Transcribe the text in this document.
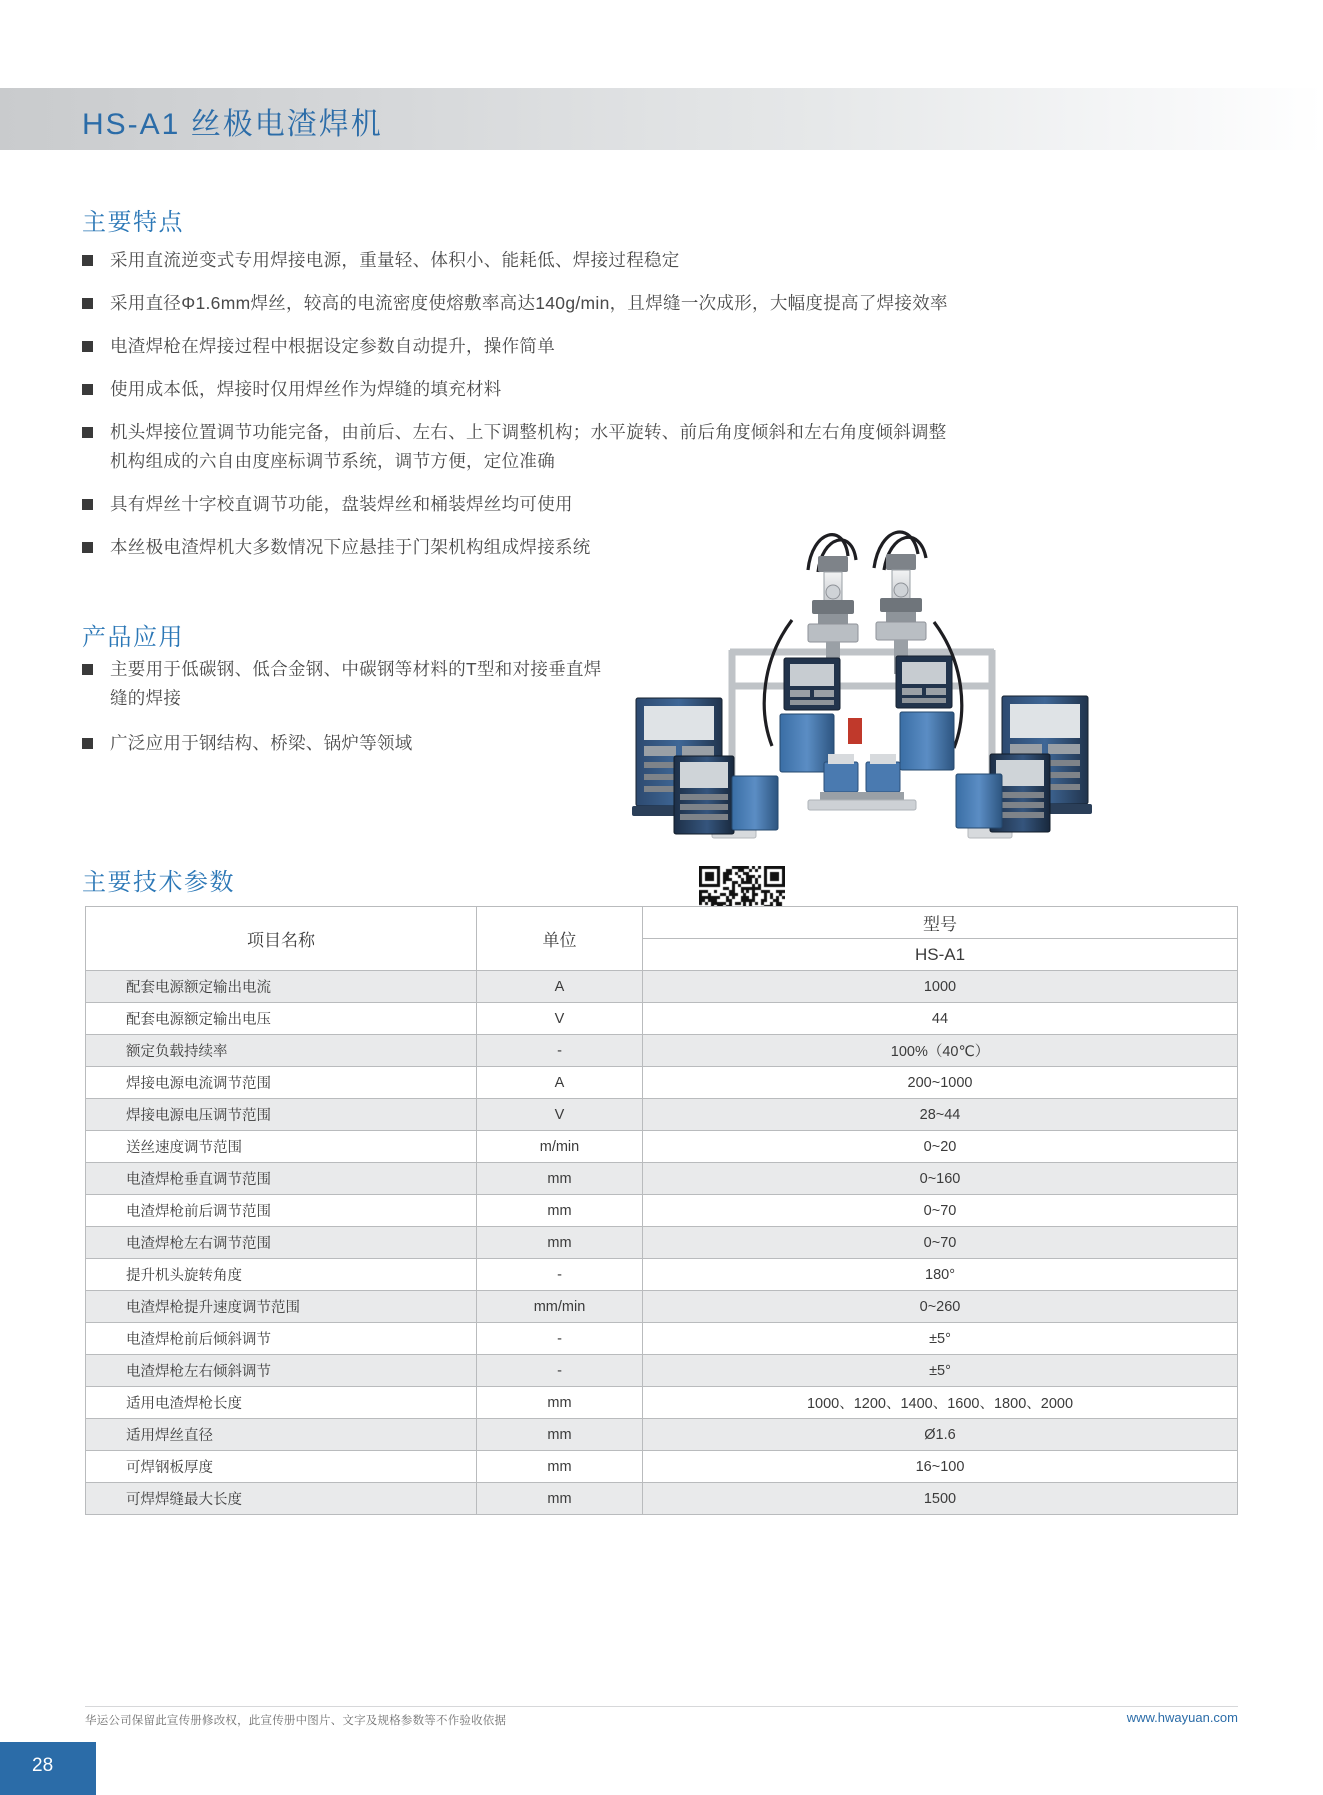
HS-A1 丝极电渣焊机
主要特点
采用直流逆变式专用焊接电源，重量轻、体积小、能耗低、焊接过程稳定
采用直径Φ1.6mm焊丝，较高的电流密度使熔敷率高达140g/min，且焊缝一次成形，大幅度提高了焊接效率
电渣焊枪在焊接过程中根据设定参数自动提升，操作简单
使用成本低，焊接时仅用焊丝作为焊缝的填充材料
机头焊接位置调节功能完备，由前后、左右、上下调整机构；水平旋转、前后角度倾斜和左右角度倾斜调整机构组成的六自由度座标调节系统，调节方便，定位准确
具有焊丝十字校直调节功能，盘装焊丝和桶装焊丝均可使用
本丝极电渣焊机大多数情况下应悬挂于门架机构组成焊接系统
产品应用
主要用于低碳钢、低合金钢、中碳钢等材料的T型和对接垂直焊缝的焊接
广泛应用于钢结构、桥梁、锅炉等领域
主要技术参数
项目名称	单位	型号
		HS-A1
配套电源额定输出电流	A	1000
配套电源额定输出电压	V	44
额定负载持续率	-	100%（40℃）
焊接电源电流调节范围	A	200~1000
焊接电源电压调节范围	V	28~44
送丝速度调节范围	m/min	0~20
电渣焊枪垂直调节范围	mm	0~160
电渣焊枪前后调节范围	mm	0~70
电渣焊枪左右调节范围	mm	0~70
提升机头旋转角度	-	180°
电渣焊枪提升速度调节范围	mm/min	0~260
电渣焊枪前后倾斜调节	-	±5°
电渣焊枪左右倾斜调节	-	±5°
适用电渣焊枪长度	mm	1000、1200、1400、1600、1800、2000
适用焊丝直径	mm	Ø1.6
可焊钢板厚度	mm	16~100
可焊焊缝最大长度	mm	1500
华运公司保留此宣传册修改权，此宣传册中图片、文字及规格参数等不作验收依据	www.hwayuan.com
28
